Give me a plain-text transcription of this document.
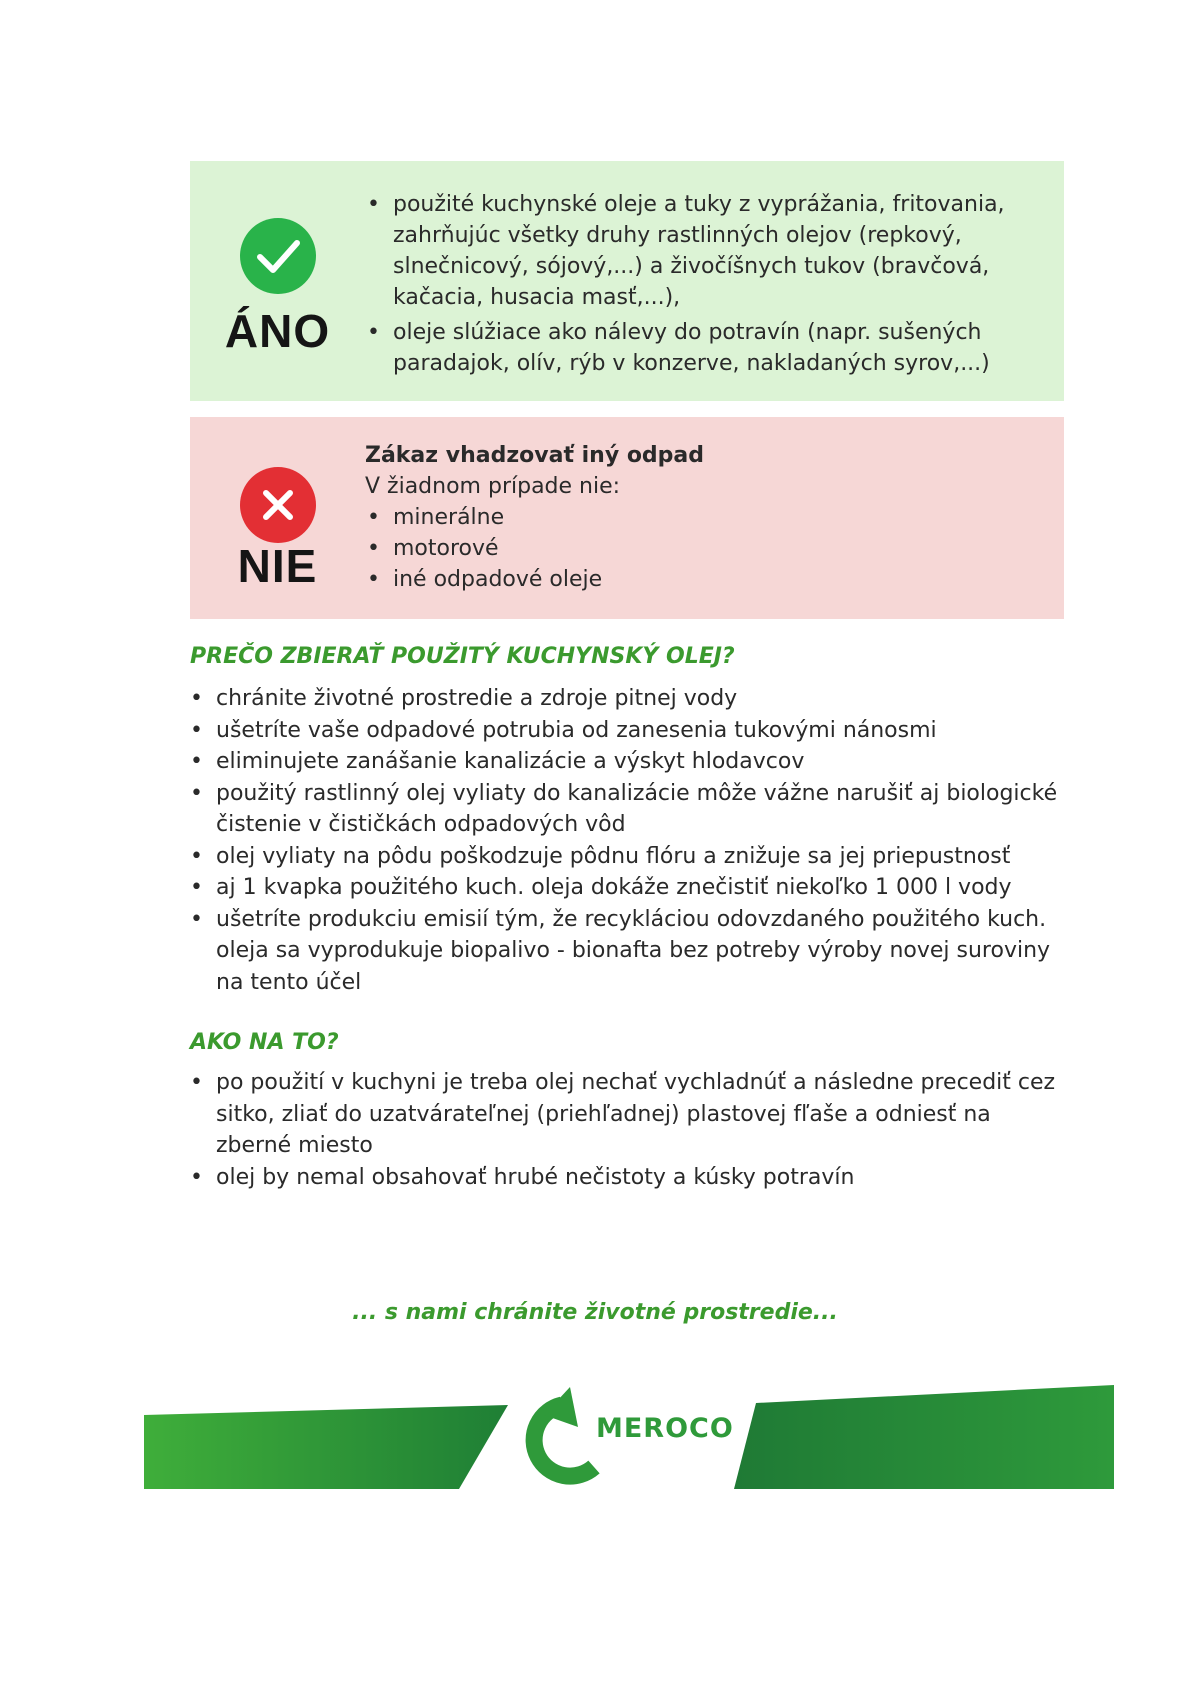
ÁNO
• použité kuchynské oleje a tuky z vyprážania, fritovania, zahrňujúc všetky druhy rastlinných olejov (repkový, slnečnicový, sójový,...) a živočíšnych tukov (bravčová, kačacia, husacia masť,...),
• oleje slúžiace ako nálevy do potravín (napr. sušených paradajok, olív, rýb v konzerve, nakladaných syrov,...)
NIE
Zákaz vhadzovať iný odpad
V žiadnom prípade nie:
• minerálne
• motorové
• iné odpadové oleje
PREČO ZBIERAŤ POUŽITÝ KUCHYNSKÝ OLEJ?
• chránite životné prostredie a zdroje pitnej vody
• ušetríte vaše odpadové potrubia od zanesenia tukovými nánosmi
• eliminujete zanášanie kanalizácie a výskyt hlodavcov
• použitý rastlinný olej vyliaty do kanalizácie môže vážne narušiť aj biologické čistenie v čističkách odpadových vôd
• olej vyliaty na pôdu poškodzuje pôdnu flóru a znižuje sa jej priepustnosť
• aj 1 kvapka použitého kuch. oleja dokáže znečistiť niekoľko 1 000 l vody
• ušetríte produkciu emisií tým, že recykláciou odovzdaného použitého kuch. oleja sa vyprodukuje biopalivo - bionafta bez potreby výroby novej suroviny na tento účel
AKO NA TO?
• po použití v kuchyni je treba olej nechať vychladnúť a následne precediť cez sitko, zliať do uzatvárateľnej (priehľadnej) plastovej fľaše a odniesť na zberné miesto
• olej by nemal obsahovať hrubé nečistoty a kúsky potravín
... s nami chránite životné prostredie...
MEROCO
